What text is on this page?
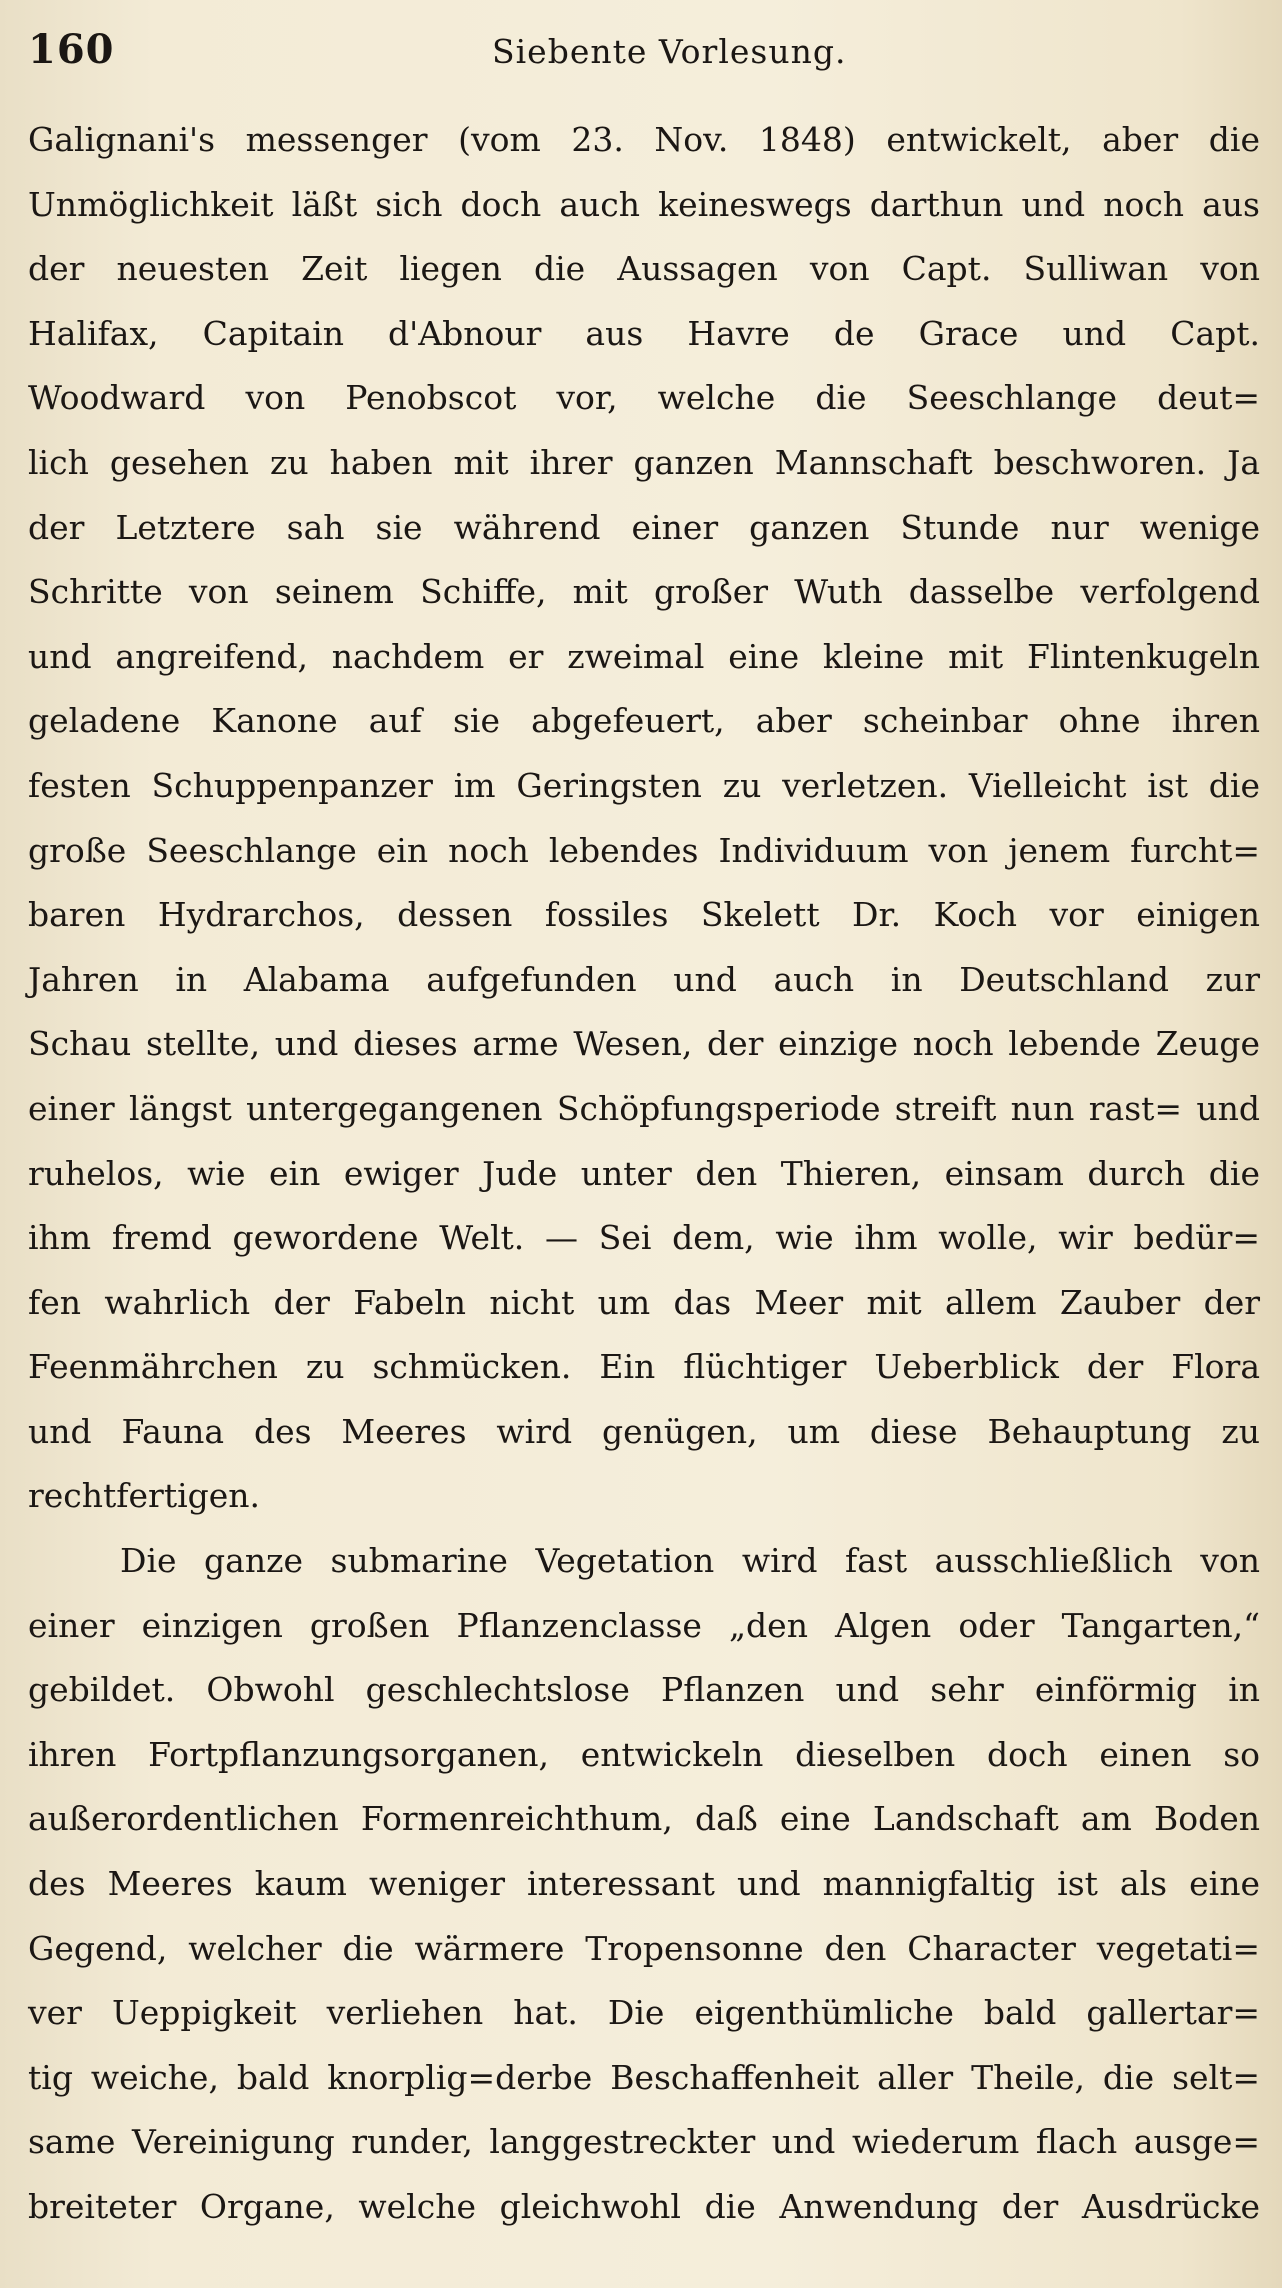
160	Siebente Vorlesung.
Galignani's messenger (vom 23. Nov. 1848) entwickelt, aber die
Unmöglichkeit läßt sich doch auch keineswegs darthun und noch aus
der neuesten Zeit liegen die Aussagen von Capt. Sulliwan von
Halifax, Capitain d'Abnour aus Havre de Grace und Capt.
Woodward von Penobscot vor, welche die Seeschlange deut=
lich gesehen zu haben mit ihrer ganzen Mannschaft beschworen. Ja
der Letztere sah sie während einer ganzen Stunde nur wenige
Schritte von seinem Schiffe, mit großer Wuth dasselbe verfolgend
und angreifend, nachdem er zweimal eine kleine mit Flintenkugeln
geladene Kanone auf sie abgefeuert, aber scheinbar ohne ihren
festen Schuppenpanzer im Geringsten zu verletzen. Vielleicht ist die
große Seeschlange ein noch lebendes Individuum von jenem furcht=
baren Hydrarchos, dessen fossiles Skelett Dr. Koch vor einigen
Jahren in Alabama aufgefunden und auch in Deutschland zur
Schau stellte, und dieses arme Wesen, der einzige noch lebende Zeuge
einer längst untergegangenen Schöpfungsperiode streift nun rast= und
ruhelos, wie ein ewiger Jude unter den Thieren, einsam durch die
ihm fremd gewordene Welt. — Sei dem, wie ihm wolle, wir bedür=
fen wahrlich der Fabeln nicht um das Meer mit allem Zauber der
Feenmährchen zu schmücken. Ein flüchtiger Ueberblick der Flora
und Fauna des Meeres wird genügen, um diese Behauptung zu
rechtfertigen.
Die ganze submarine Vegetation wird fast ausschließlich von
einer einzigen großen Pflanzenclasse „den Algen oder Tangarten,“
gebildet. Obwohl geschlechtslose Pflanzen und sehr einförmig in
ihren Fortpflanzungsorganen, entwickeln dieselben doch einen so
außerordentlichen Formenreichthum, daß eine Landschaft am Boden
des Meeres kaum weniger interessant und mannigfaltig ist als eine
Gegend, welcher die wärmere Tropensonne den Character vegetati=
ver Ueppigkeit verliehen hat. Die eigenthümliche bald gallertar=
tig weiche, bald knorplig=derbe Beschaffenheit aller Theile, die selt=
same Vereinigung runder, langgestreckter und wiederum flach ausge=
breiteter Organe, welche gleichwohl die Anwendung der Ausdrücke
